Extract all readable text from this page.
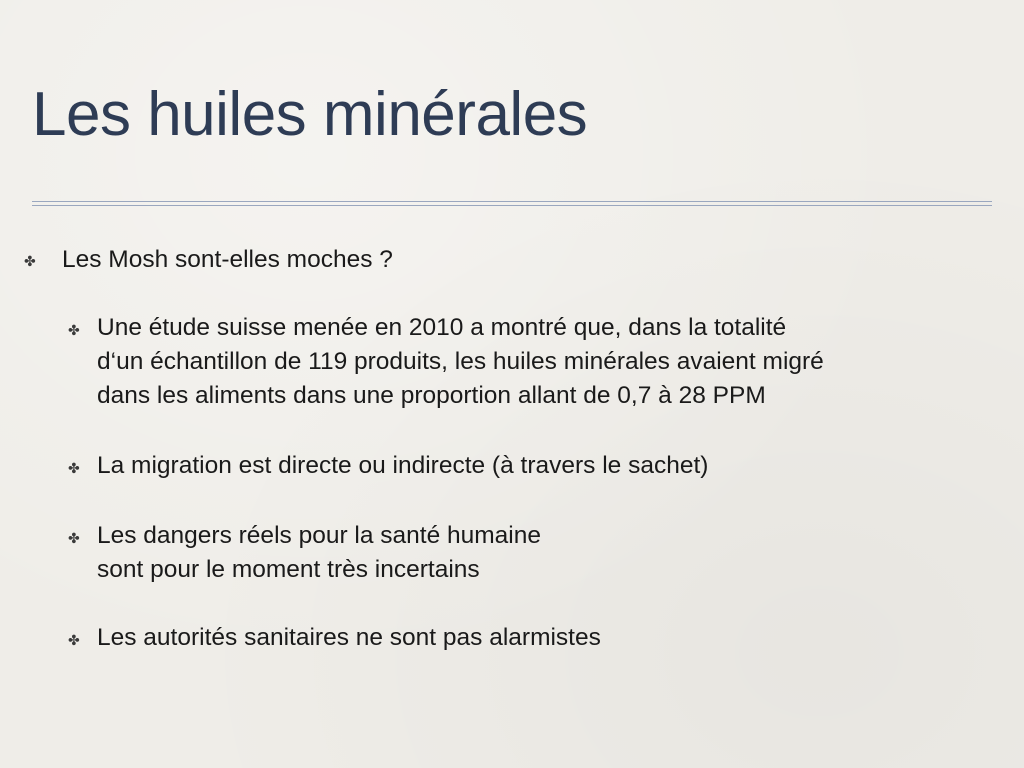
Les huiles minérales
✤ Les Mosh sont-elles moches ?
✤ Une étude suisse menée en 2010 a montré que, dans la totalité
d‘un échantillon de 119 produits, les huiles minérales avaient migré
dans les aliments dans une proportion allant de 0,7 à 28 PPM
✤ La migration est directe ou indirecte (à travers le sachet)
✤ Les dangers réels pour la santé humaine
sont pour le moment très incertains
✤ Les autorités sanitaires ne sont pas alarmistes
